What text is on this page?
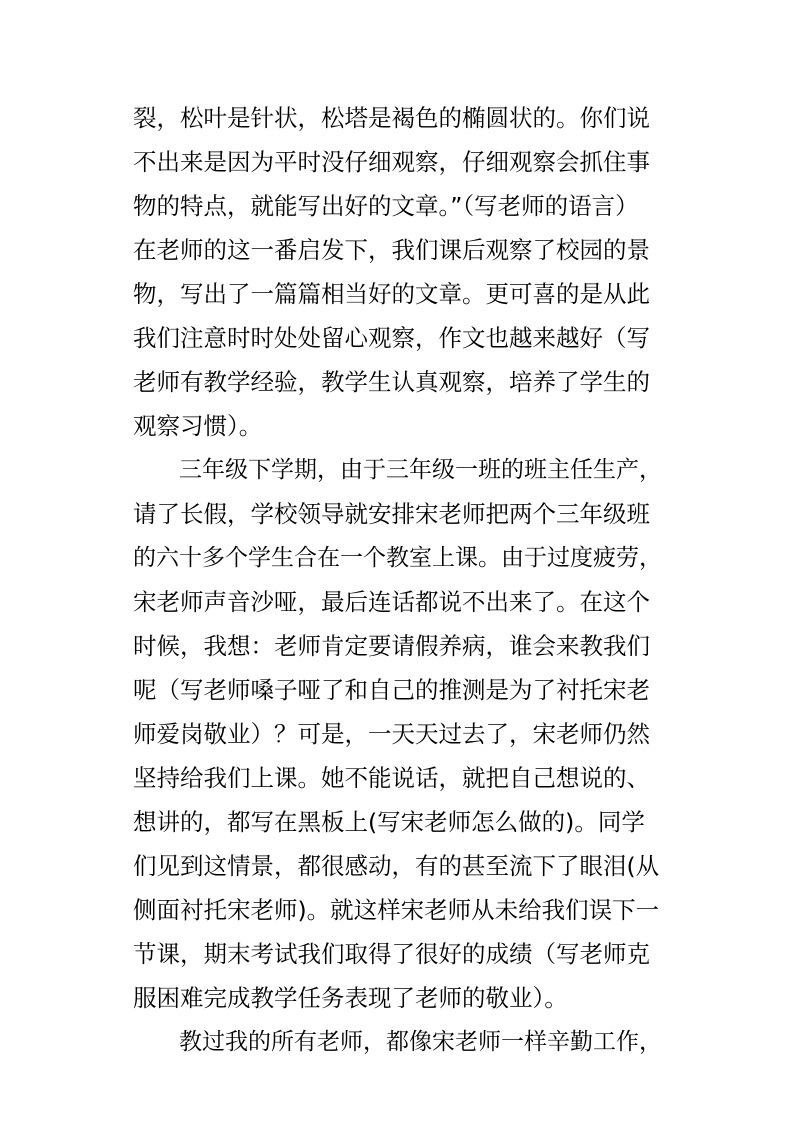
裂，松叶是针状，松塔是褐色的椭圆状的。你们说

不出来是因为平时没仔细观察，仔细观察会抓住事

物的特点，就能写出好的文章。”（写老师的语言）

在老师的这一番启发下，我们课后观察了校园的景

物，写出了一篇篇相当好的文章。更可喜的是从此

我们注意时时处处留心观察，作文也越来越好（写

老师有教学经验，教学生认真观察，培养了学生的

观察习惯）。

　　三年级下学期，由于三年级一班的班主任生产，

请了长假，学校领导就安排宋老师把两个三年级班

的六十多个学生合在一个教室上课。由于过度疲劳，

宋老师声音沙哑，最后连话都说不出来了。在这个

时候，我想：老师肯定要请假养病，谁会来教我们

呢（写老师嗓子哑了和自己的推测是为了衬托宋老

师爱岗敬业）？可是，一天天过去了，宋老师仍然

坚持给我们上课。她不能说话，就把自己想说的、

想讲的，都写在黑板上(写宋老师怎么做的)。同学

们见到这情景，都很感动，有的甚至流下了眼泪(从

侧面衬托宋老师)。就这样宋老师从未给我们误下一

节课，期末考试我们取得了很好的成绩（写老师克

服困难完成教学任务表现了老师的敬业）。

　　教过我的所有老师，都像宋老师一样辛勤工作，
